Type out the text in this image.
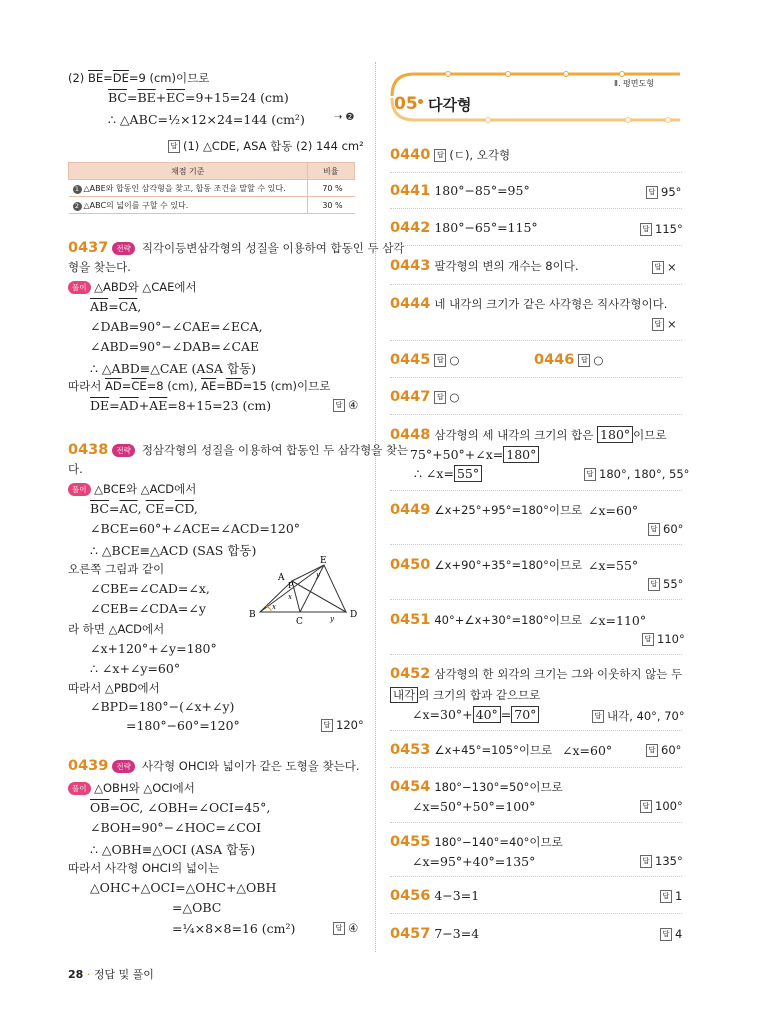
Ⅱ. 평면도형
05 다각형
(2) $\overline{BE}=\overline{DE}=9$ (cm)이므로
$\overline{BC}=\overline{BE}+\overline{EC}=9+15=24$ (cm)
∴ △ABC=½×12×24=144 (cm²)	➝ ❷
답 (1) △CDE, ASA 합동 (2) 144 cm²
채점 기준	비율
1 △ABE와 합동인 삼각형을 찾고, 합동 조건을 말할 수 있다.	70 %
2 △ABC의 넓이를 구할 수 있다.	30 %
0437 전략 직각이등변삼각형의 성질을 이용하여 합동인 두 삼각
형을 찾는다.
풀이 △ABD와 △CAE에서
$\overline{AB}=\overline{CA}$,
∠DAB=90°−∠CAE=∠ECA,
∠ABD=90°−∠DAB=∠CAE
∴ △ABD≡△CAE (ASA 합동)
따라서 $\overline{AD}=\overline{CE}=8$ (cm), $\overline{AE}=\overline{BD}=15$ (cm)이므로
$\overline{DE}=\overline{AD}+\overline{AE}=8+15=23$ (cm)	답 ④
0438 전략 정삼각형의 성질을 이용하여 합동인 두 삼각형을 찾는
다.
풀이 △BCE와 △ACD에서
$\overline{BC}=\overline{AC}$, $\overline{CE}=\overline{CD}$,
∠BCE=60°+∠ACE=∠ACD=120°
∴ △BCE≡△ACD (SAS 합동)
오른쪽 그림과 같이
∠CBE=∠CAD=∠x,
∠CEB=∠CDA=∠y
라 하면 △ACD에서
∠x+120°+∠y=180°
∴ ∠x+∠y=60°
따라서 △PBD에서
∠BPD=180°−(∠x+∠y)
=180°−60°=120°	답 120°
A
B
C
D
E
P
x
y
x
y
0439 전략 사각형 OHCI와 넓이가 같은 도형을 찾는다.
풀이 △OBH와 △OCI에서
$\overline{OB}=\overline{OC}$, ∠OBH=∠OCI=45°,
∠BOH=90°−∠HOC=∠COI
∴ △OBH≡△OCI (ASA 합동)
따라서 사각형 OHCI의 넓이는
△OHC+△OCI=△OHC+△OBH
=△OBC
=¼×8×8=16 (cm²)	답 ④
0440 답 (ㄷ), 오각형
0441 180°−85°=95°	답 95°
0442 180°−65°=115°	답 115°
0443 팔각형의 변의 개수는 8이다.	답 ×
0444 네 내각의 크기가 같은 사각형은 직사각형이다.
답 ×
0445 답 ○	0446 답 ○
0447 답 ○
0448 삼각형의 세 내각의 크기의 합은 180° 이므로
75°+50°+∠x= 180°
∴ ∠x= 55°	답 180°, 180°, 55°
0449 ∠x+25°+95°=180°이므로 ∠x=60°
답 60°
0450 ∠x+90°+35°=180°이므로 ∠x=55°
답 55°
0451 40°+∠x+30°=180°이므로 ∠x=110°
답 110°
0452 삼각형의 한 외각의 크기는 그와 이웃하지 않는 두
내각 의 크기의 합과 같으므로
∠x=30°+ 40° = 70°	답 내각, 40°, 70°
0453 ∠x+45°=105°이므로 ∠x=60°	답 60°
0454 180°−130°=50°이므로
∠x=50°+50°=100°	답 100°
0455 180°−140°=40°이므로
∠x=95°+40°=135°	답 135°
0456 4−3=1	답 1
0457 7−3=4	답 4
28 · 정답 및 풀이
